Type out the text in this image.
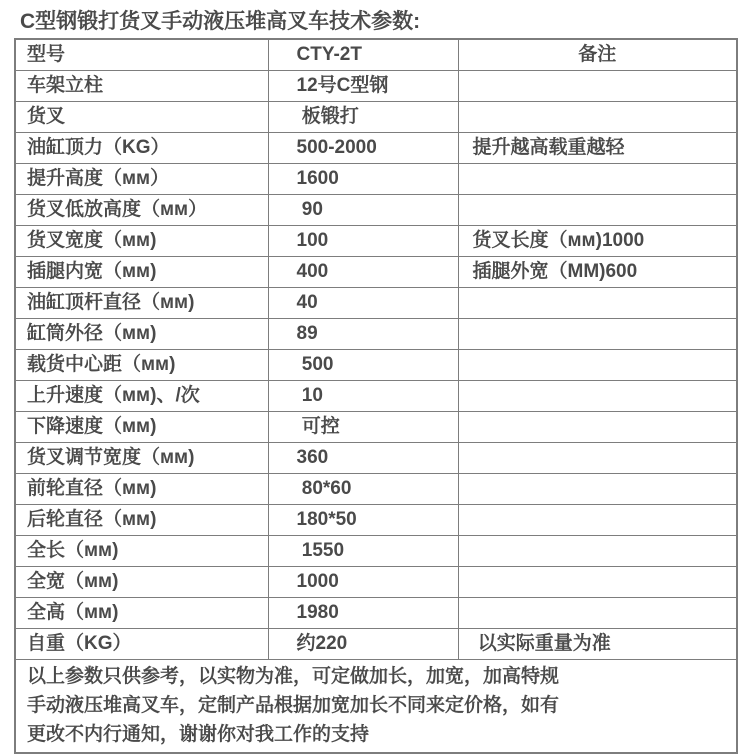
C型钢锻打货叉手动液压堆高叉车技术参数:
型号	CTY-2T	备注
车架立柱	12号C型钢	
货叉	板锻打	
油缸顶力（KG）	500-2000	提升越高载重越轻
提升高度（мм）	1600	
货叉低放高度（мм）	90	
货叉宽度（мм)	100	货叉长度（мм)1000
插腿内宽（мм)	400	插腿外宽（MM)600
油缸顶杆直径（мм)	40	
缸筒外径（мм)	89	
载货中心距（мм)	500	
上升速度（мм)、/次	10	
下降速度（мм)	可控	
货叉调节宽度（мм)	360	
前轮直径（мм)	80*60	
后轮直径（мм)	180*50	
全长（мм)	1550	
全宽（мм)	1000	
全高（мм)	1980	
自重（KG）	约220	以实际重量为准

以上参数只供参考，以实物为准，可定做加长，加宽，加高特规
手动液压堆高叉车，定制产品根据加宽加长不同来定价格，如有
更改不内行通知，谢谢你对我工作的支持		
